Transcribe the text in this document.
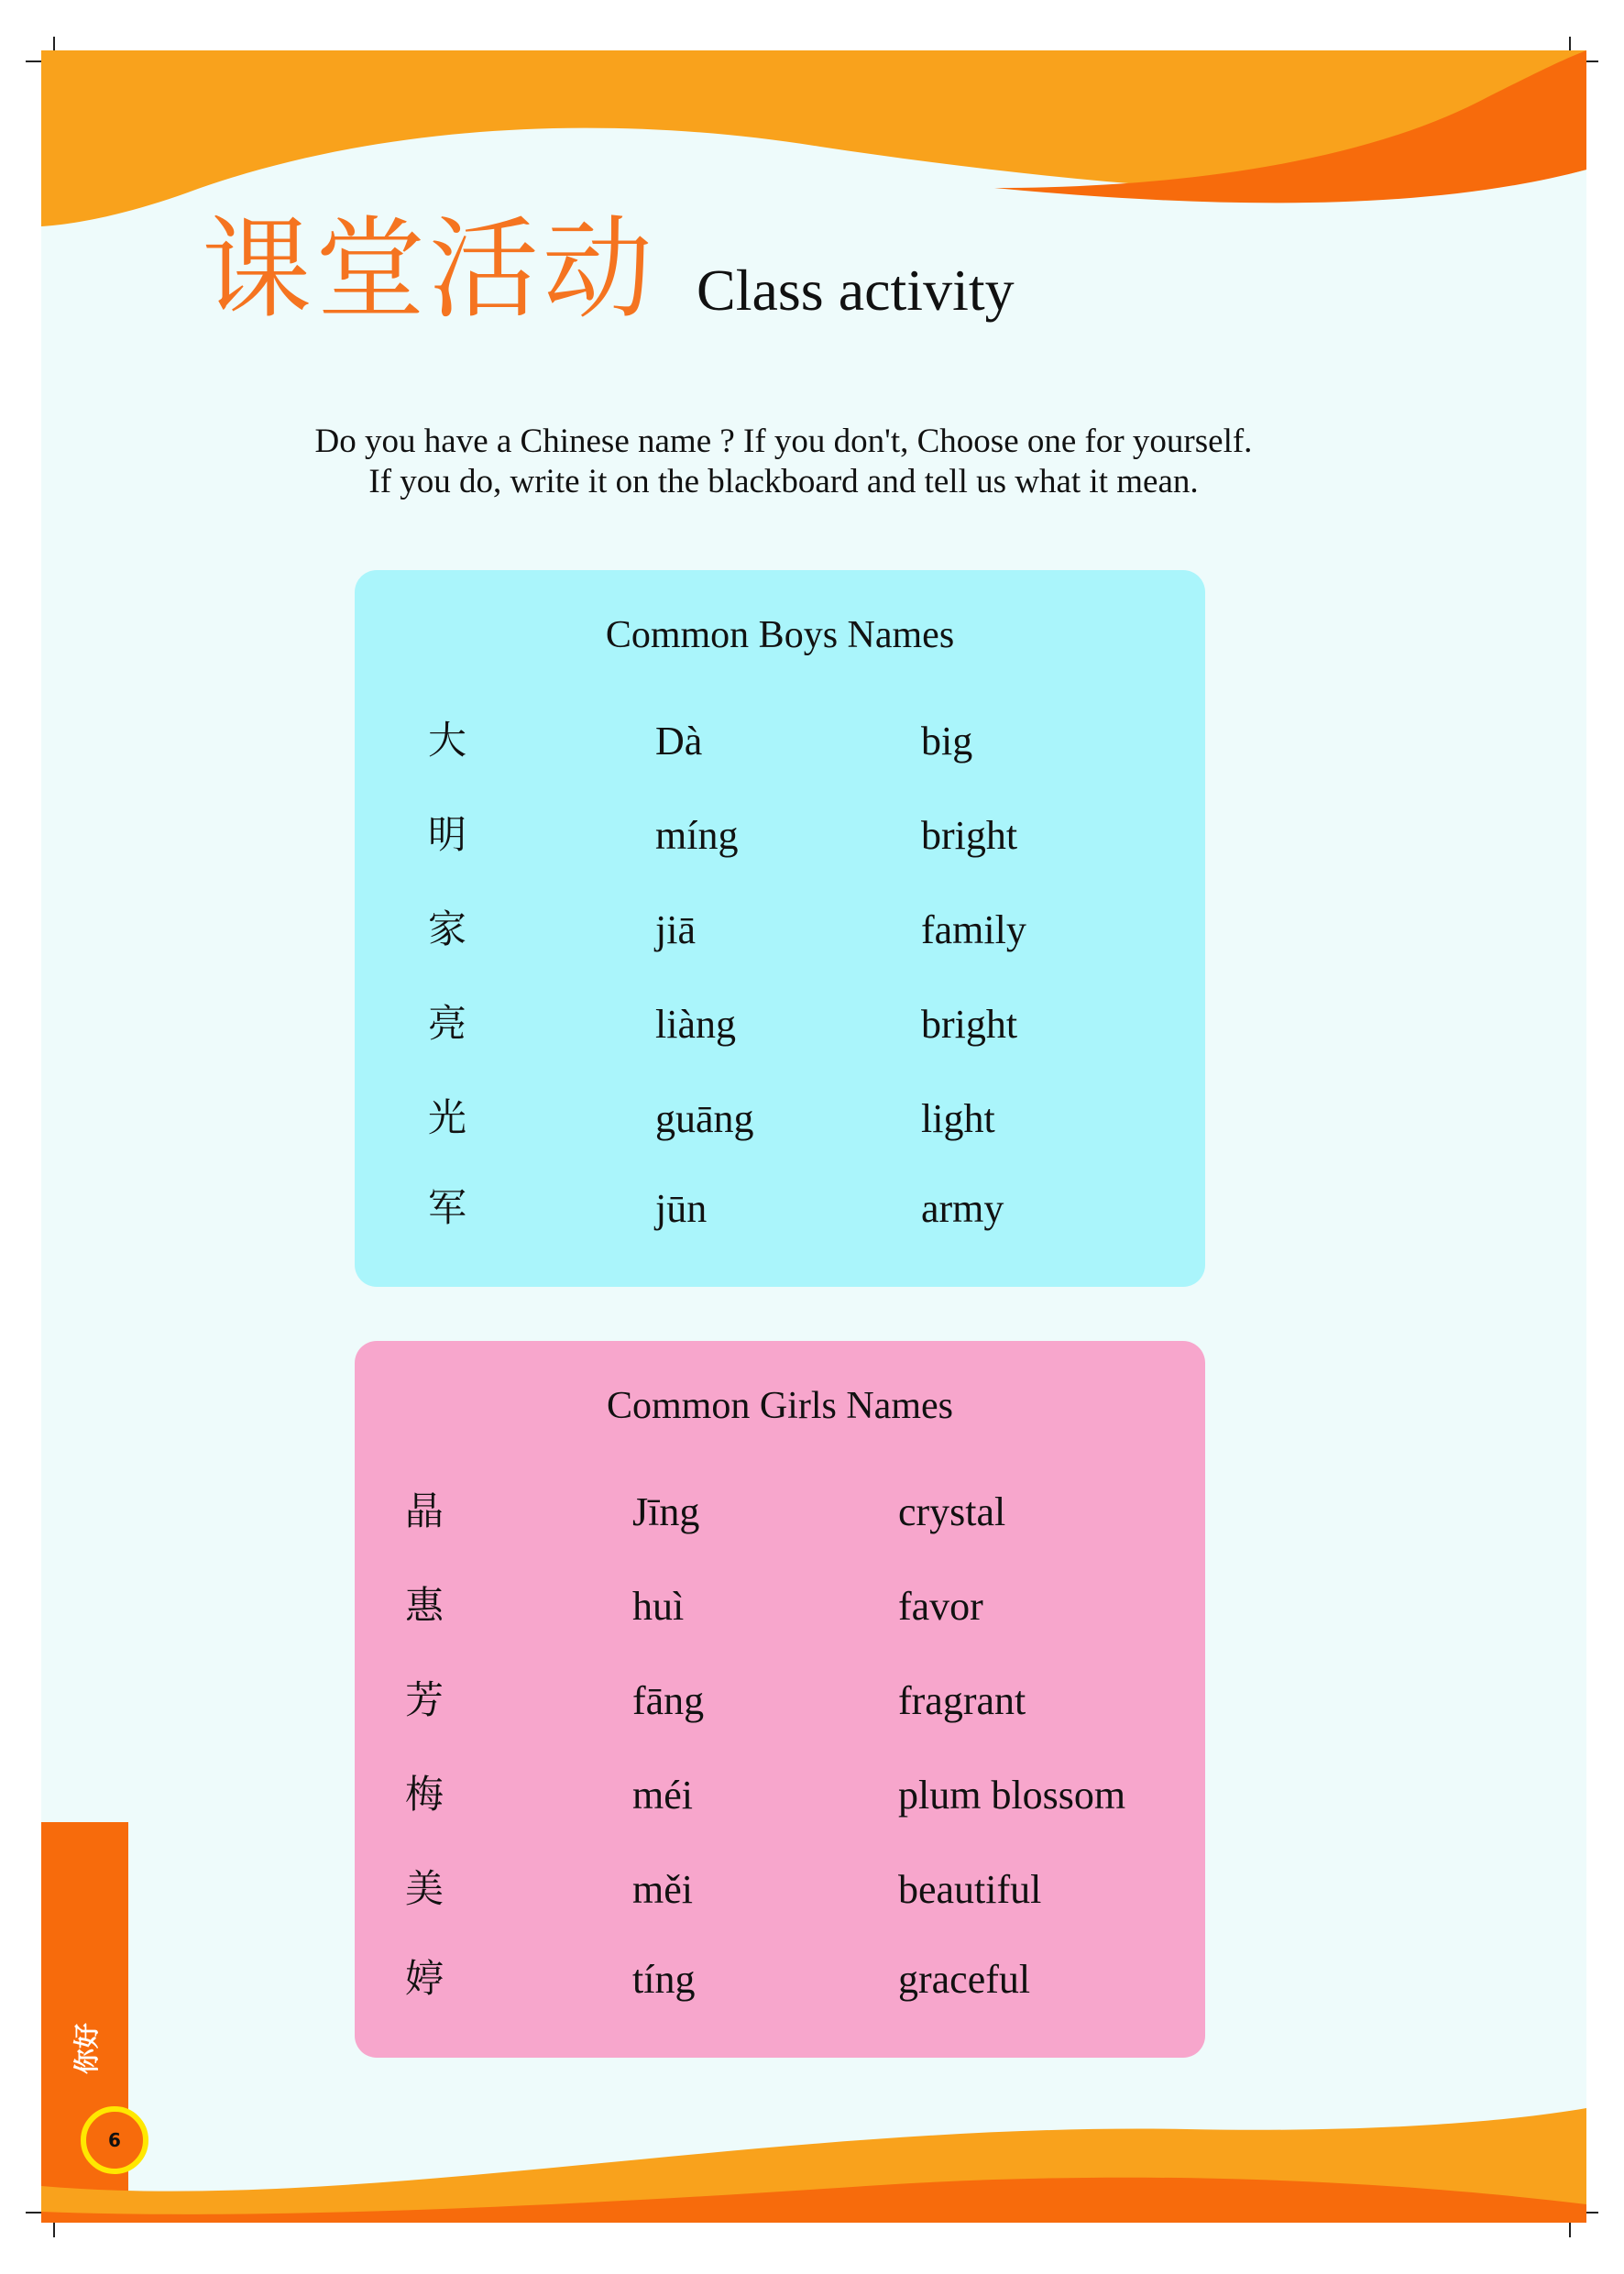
你好
6
课堂活动 Class activity
Do you have a Chinese name ? If you don't, Choose one for yourself.
If you do, write it on the blackboard and tell us what it mean.
Common Boys Names
大	Dà	big
明	míng	bright
家	jiā	family
亮	liàng	bright
光	guāng	light
军	jūn	army
Common Girls Names
晶	Jīng	crystal
惠	huì	favor
芳	fāng	fragrant
梅	méi	plum blossom
美	měi	beautiful
婷	tíng	graceful
